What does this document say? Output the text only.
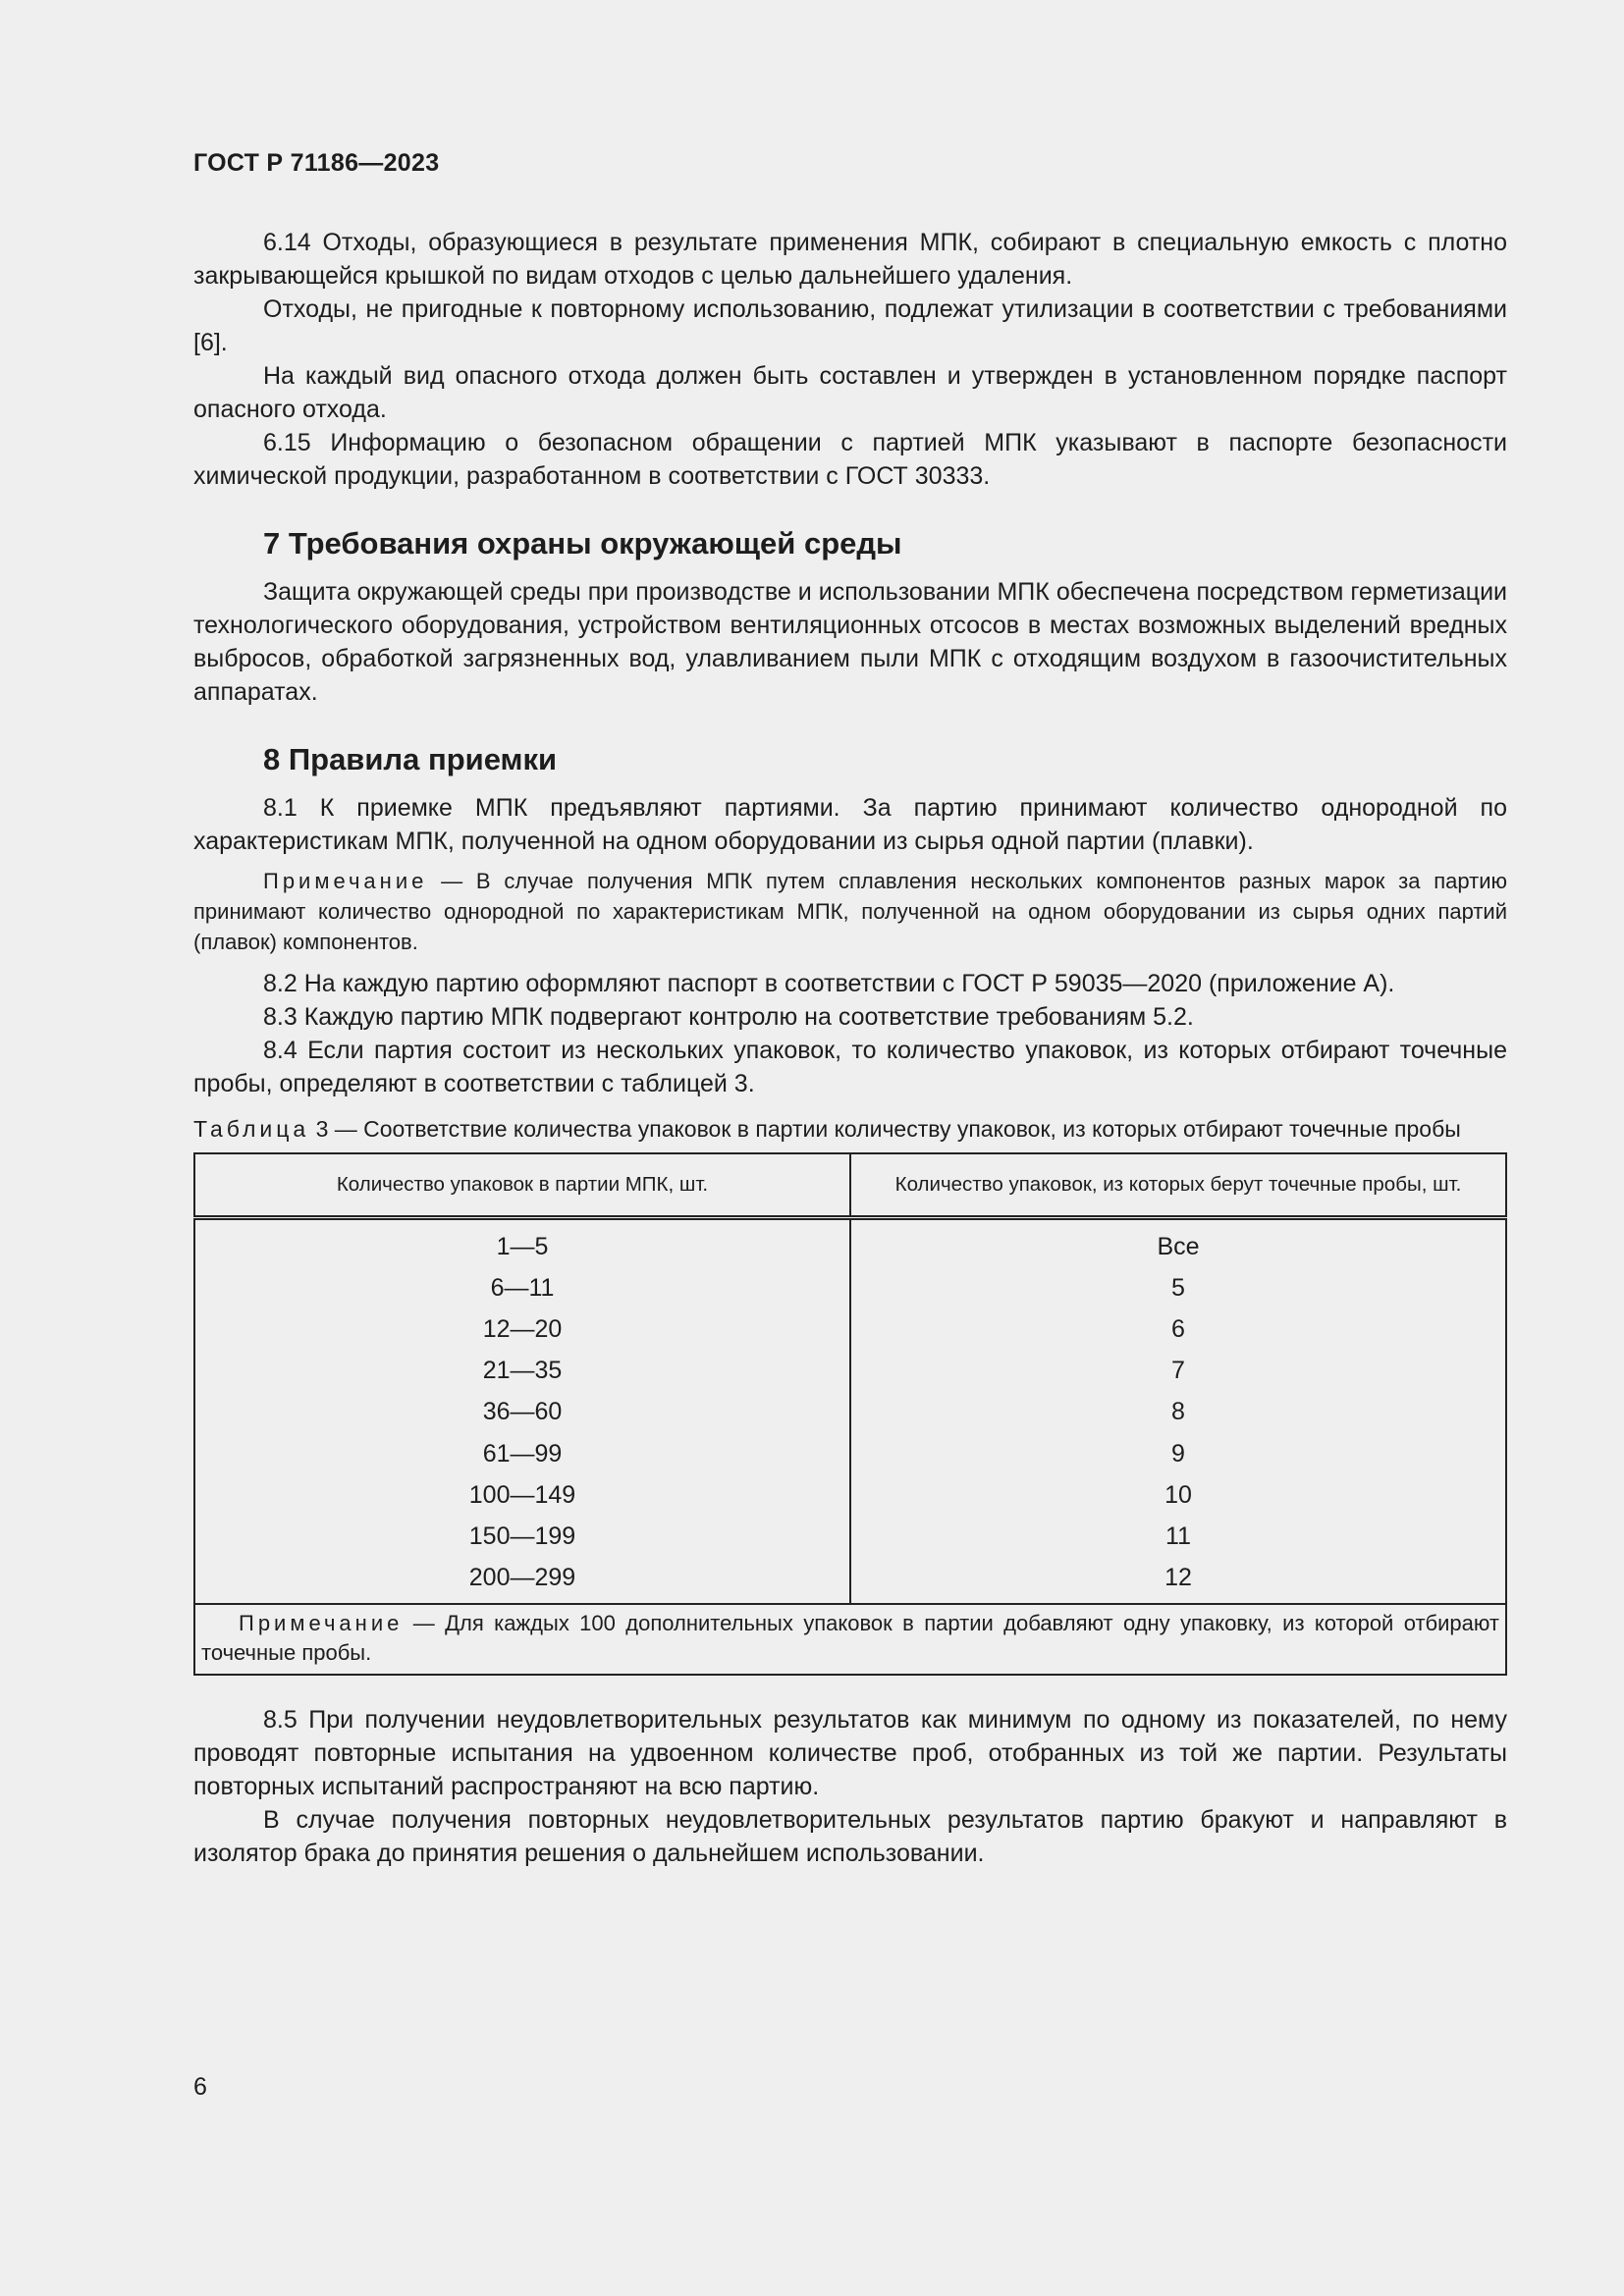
ГОСТ Р 71186—2023

6.14 Отходы, образующиеся в результате применения МПК, собирают в специальную емкость с плотно закрывающейся крышкой по видам отходов с целью дальнейшего удаления.

Отходы, не пригодные к повторному использованию, подлежат утилизации в соответствии с требованиями [6].

На каждый вид опасного отхода должен быть составлен и утвержден в установленном порядке паспорт опасного отхода.

6.15 Информацию о безопасном обращении с партией МПК указывают в паспорте безопасности химической продукции, разработанном в соответствии с ГОСТ 30333.

7 Требования охраны окружающей среды

Защита окружающей среды при производстве и использовании МПК обеспечена посредством герметизации технологического оборудования, устройством вентиляционных отсосов в местах возможных выделений вредных выбросов, обработкой загрязненных вод, улавливанием пыли МПК с отходящим воздухом в газоочистительных аппаратах.

8 Правила приемки

8.1 К приемке МПК предъявляют партиями. За партию принимают количество однородной по характеристикам МПК, полученной на одном оборудовании из сырья одной партии (плавки).

Примечание — В случае получения МПК путем сплавления нескольких компонентов разных марок за партию принимают количество однородной по характеристикам МПК, полученной на одном оборудовании из сырья одних партий (плавок) компонентов.

8.2 На каждую партию оформляют паспорт в соответствии с ГОСТ Р 59035—2020 (приложение А).

8.3 Каждую партию МПК подвергают контролю на соответствие требованиям 5.2.

8.4 Если партия состоит из нескольких упаковок, то количество упаковок, из которых отбирают точечные пробы, определяют в соответствии с таблицей 3.

Таблица 3 — Соответствие количества упаковок в партии количеству упаковок, из которых отбирают точечные пробы

Количество упаковок в партии МПК, шт.	Количество упаковок, из которых берут точечные пробы, шт.
1—5	Все
6—11	5
12—20	6
21—35	7
36—60	8
61—99	9
100—149	10
150—199	11
200—299	12
Примечание — Для каждых 100 дополнительных упаковок в партии добавляют одну упаковку, из которой отбирают точечные пробы.	

8.5 При получении неудовлетворительных результатов как минимум по одному из показателей, по нему проводят повторные испытания на удвоенном количестве проб, отобранных из той же партии. Результаты повторных испытаний распространяют на всю партию.

В случае получения повторных неудовлетворительных результатов партию бракуют и направляют в изолятор брака до принятия решения о дальнейшем использовании.

6
